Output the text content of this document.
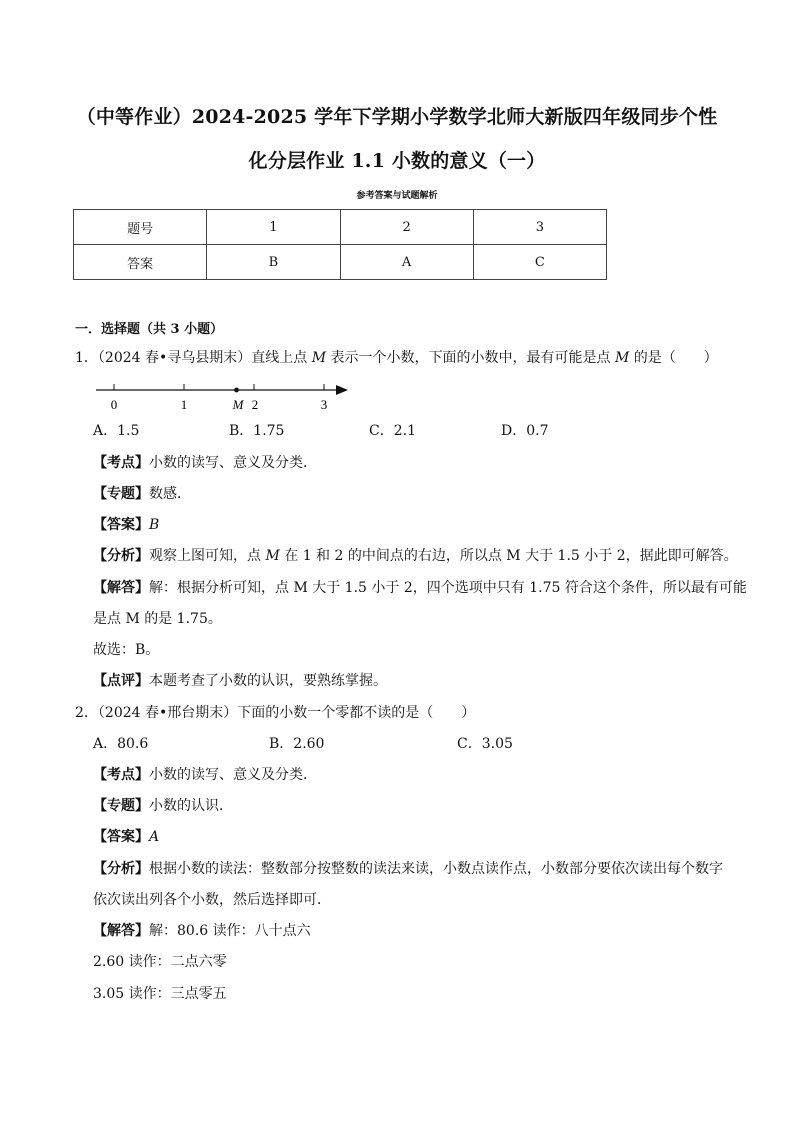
（中等作业）2024-2025 学年下学期小学数学北师大新版四年级同步个性
化分层作业 1.1 小数的意义（一）
参考答案与试题解析
题号	1	2	3
答案	B	A	C
一．选择题（共 3 小题）
1．（2024 春•寻乌县期末）直线上点 M 表示一个小数，下面的小数中，最有可能是点 M 的是（　　）
0	1	2	3
M
A．1.5	B．1.75	C．2.1	D．0.7
【考点】小数的读写、意义及分类．
【专题】数感．
【答案】B
【分析】观察上图可知，点 M 在 1 和 2 的中间点的右边，所以点 M 大于 1.5 小于 2，据此即可解答。
【解答】解：根据分析可知，点 M 大于 1.5 小于 2，四个选项中只有 1.75 符合这个条件，所以最有可能
是点 M 的是 1.75。
故选：B。
【点评】本题考查了小数的认识，要熟练掌握。
2．（2024 春•邢台期末）下面的小数一个零都不读的是（　　）
A．80.6	B．2.60	C．3.05
【考点】小数的读写、意义及分类．
【专题】小数的认识．
【答案】A
【分析】根据小数的读法：整数部分按整数的读法来读，小数点读作点，小数部分要依次读出每个数字
依次读出列各个小数，然后选择即可．
【解答】解：80.6 读作：八十点六
2.60 读作：二点六零
3.05 读作：三点零五
